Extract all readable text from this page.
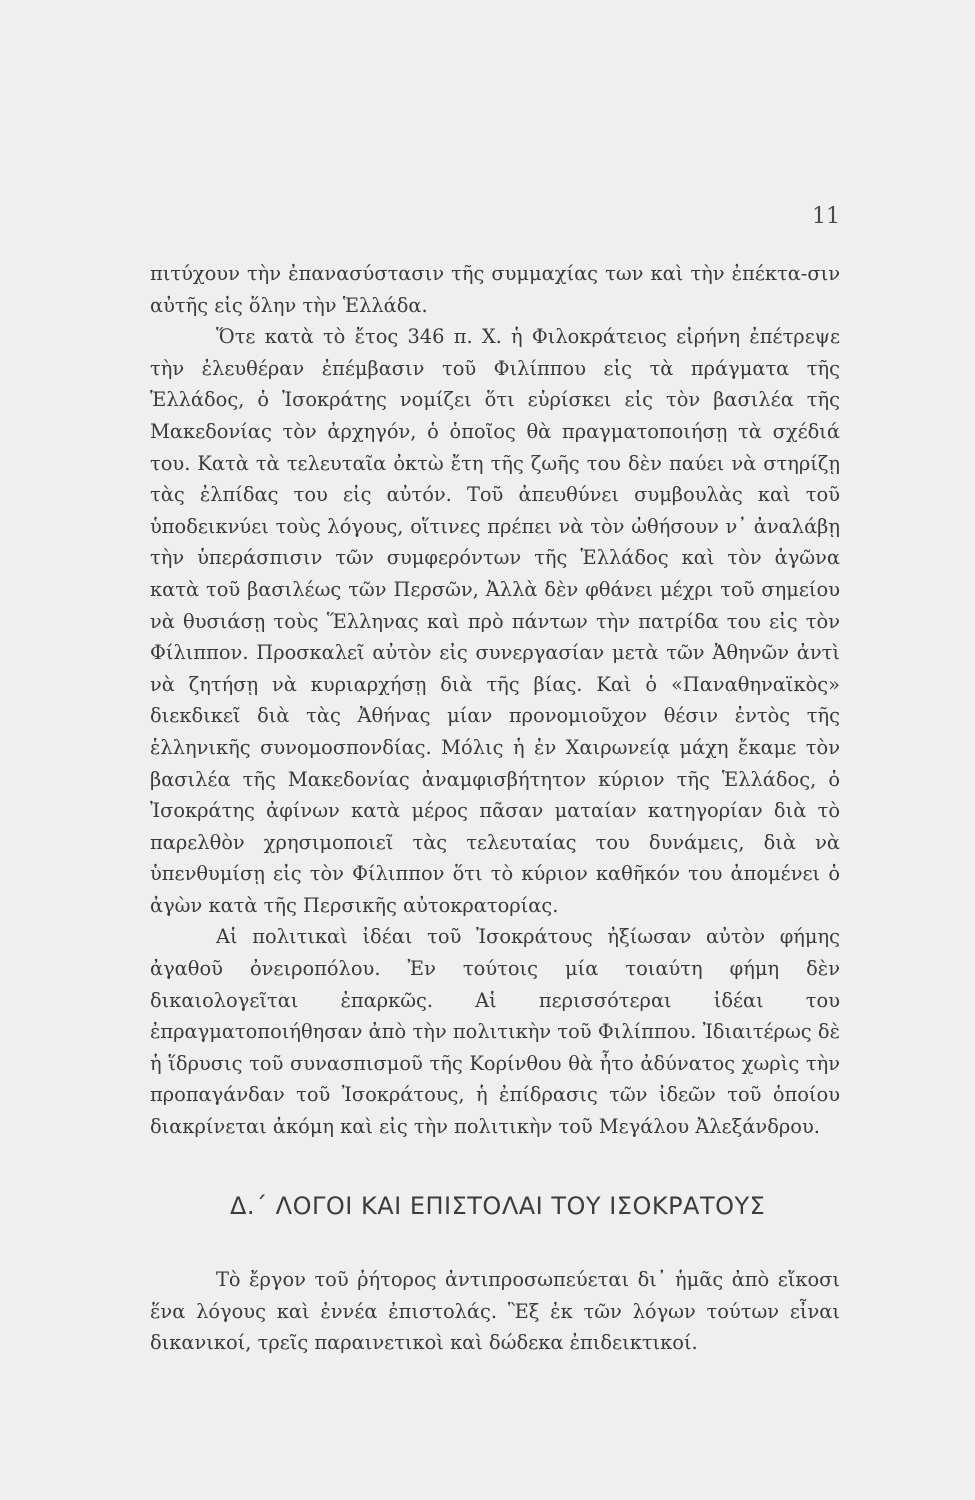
11

πιτύχουν τὴν ἐπανασύστασιν τῆς συμμαχίας των καὶ τὴν ἐπέκτα-σιν αὐτῆς εἰς ὅλην τὴν Ἑλλάδα.

Ὅτε κατὰ τὸ ἔτος 346 π. Χ. ἡ Φιλοκράτειος εἰρήνη ἐπέτρεψε τὴν ἐλευθέραν ἐπέμβασιν τοῦ Φιλίππου εἰς τὰ πράγματα τῆς Ἑλλάδος, ὁ Ἰσοκράτης νομίζει ὅτι εὑρίσκει εἰς τὸν βασιλέα τῆς Μακεδονίας τὸν ἀρχηγόν, ὁ ὁποῖος θὰ πραγματοποιήσῃ τὰ σχέδιά του. Κατὰ τὰ τελευταῖα ὀκτὼ ἔτη τῆς ζωῆς του δὲν παύει νὰ στηρίζῃ τὰς ἐλπίδας του εἰς αὐτόν. Τοῦ ἀπευθύνει συμβουλὰς καὶ τοῦ ὑποδεικνύει τοὺς λόγους, οἵτινες πρέπει νὰ τὸν ὠθήσουν ν᾽ ἀναλάβῃ τὴν ὑπεράσπισιν τῶν συμφερόντων τῆς Ἑλλάδος καὶ τὸν ἀγῶνα κατὰ τοῦ βασιλέως τῶν Περσῶν, Ἀλλὰ δὲν φθάνει μέχρι τοῦ σημείου νὰ θυσιάσῃ τοὺς Ἕλληνας καὶ πρὸ πάντων τὴν πατρίδα του εἰς τὸν Φίλιππον. Προσκαλεῖ αὐτὸν εἰς συνεργασίαν μετὰ τῶν Ἀθηνῶν ἀντὶ νὰ ζητήσῃ νὰ κυριαρχήσῃ διὰ τῆς βίας. Καὶ ὁ «Παναθηναϊκὸς» διεκδικεῖ διὰ τὰς Ἀθήνας μίαν προνομιοῦχον θέσιν ἐντὸς τῆς ἑλληνικῆς συνομοσπονδίας. Μόλις ἡ ἐν Χαιρωνείᾳ μάχη ἔκαμε τὸν βασιλέα τῆς Μακεδονίας ἀναμφισβήτητον κύριον τῆς Ἑλλάδος, ὁ Ἰσοκράτης ἀφίνων κατὰ μέρος πᾶσαν ματαίαν κατηγορίαν διὰ τὸ παρελθὸν χρησιμοποιεῖ τὰς τελευταίας του δυνάμεις, διὰ νὰ ὑπενθυμίσῃ εἰς τὸν Φίλιππον ὅτι τὸ κύριον καθῆκόν του ἀπομένει ὁ ἀγὼν κατὰ τῆς Περσικῆς αὐτοκρατορίας.

Αἱ πολιτικαὶ ἰδέαι τοῦ Ἰσοκράτους ἠξίωσαν αὐτὸν φήμης ἀγαθοῦ ὀνειροπόλου. Ἐν τούτοις μία τοιαύτη φήμη δὲν δικαιολογεῖται ἐπαρκῶς. Αἱ περισσότεραι ἰδέαι του ἐπραγματοποιήθησαν ἀπὸ τὴν πολιτικὴν τοῦ Φιλίππου. Ἰδιαιτέρως δὲ ἡ ἵδρυσις τοῦ συνασπισμοῦ τῆς Κορίνθου θὰ ἦτο ἀδύνατος χωρὶς τὴν προπαγάνδαν τοῦ Ἰσοκράτους, ἡ ἐπίδρασις τῶν ἰδεῶν τοῦ ὁποίου διακρίνεται ἀκόμη καὶ εἰς τὴν πολιτικὴν τοῦ Μεγάλου Ἀλεξάνδρου.

Δ.΄ ΛΟΓΟΙ ΚΑΙ ΕΠΙΣΤΟΛΑΙ ΤΟΥ ΙΣΟΚΡΑΤΟΥΣ

Τὸ ἔργον τοῦ ῥήτορος ἀντιπροσωπεύεται δι᾽ ἡμᾶς ἀπὸ εἴκοσι ἕνα λόγους καὶ ἐννέα ἐπιστολάς. Ἓξ ἐκ τῶν λόγων τούτων εἶναι δικανικοί, τρεῖς παραινετικοὶ καὶ δώδεκα ἐπιδεικτικοί.
